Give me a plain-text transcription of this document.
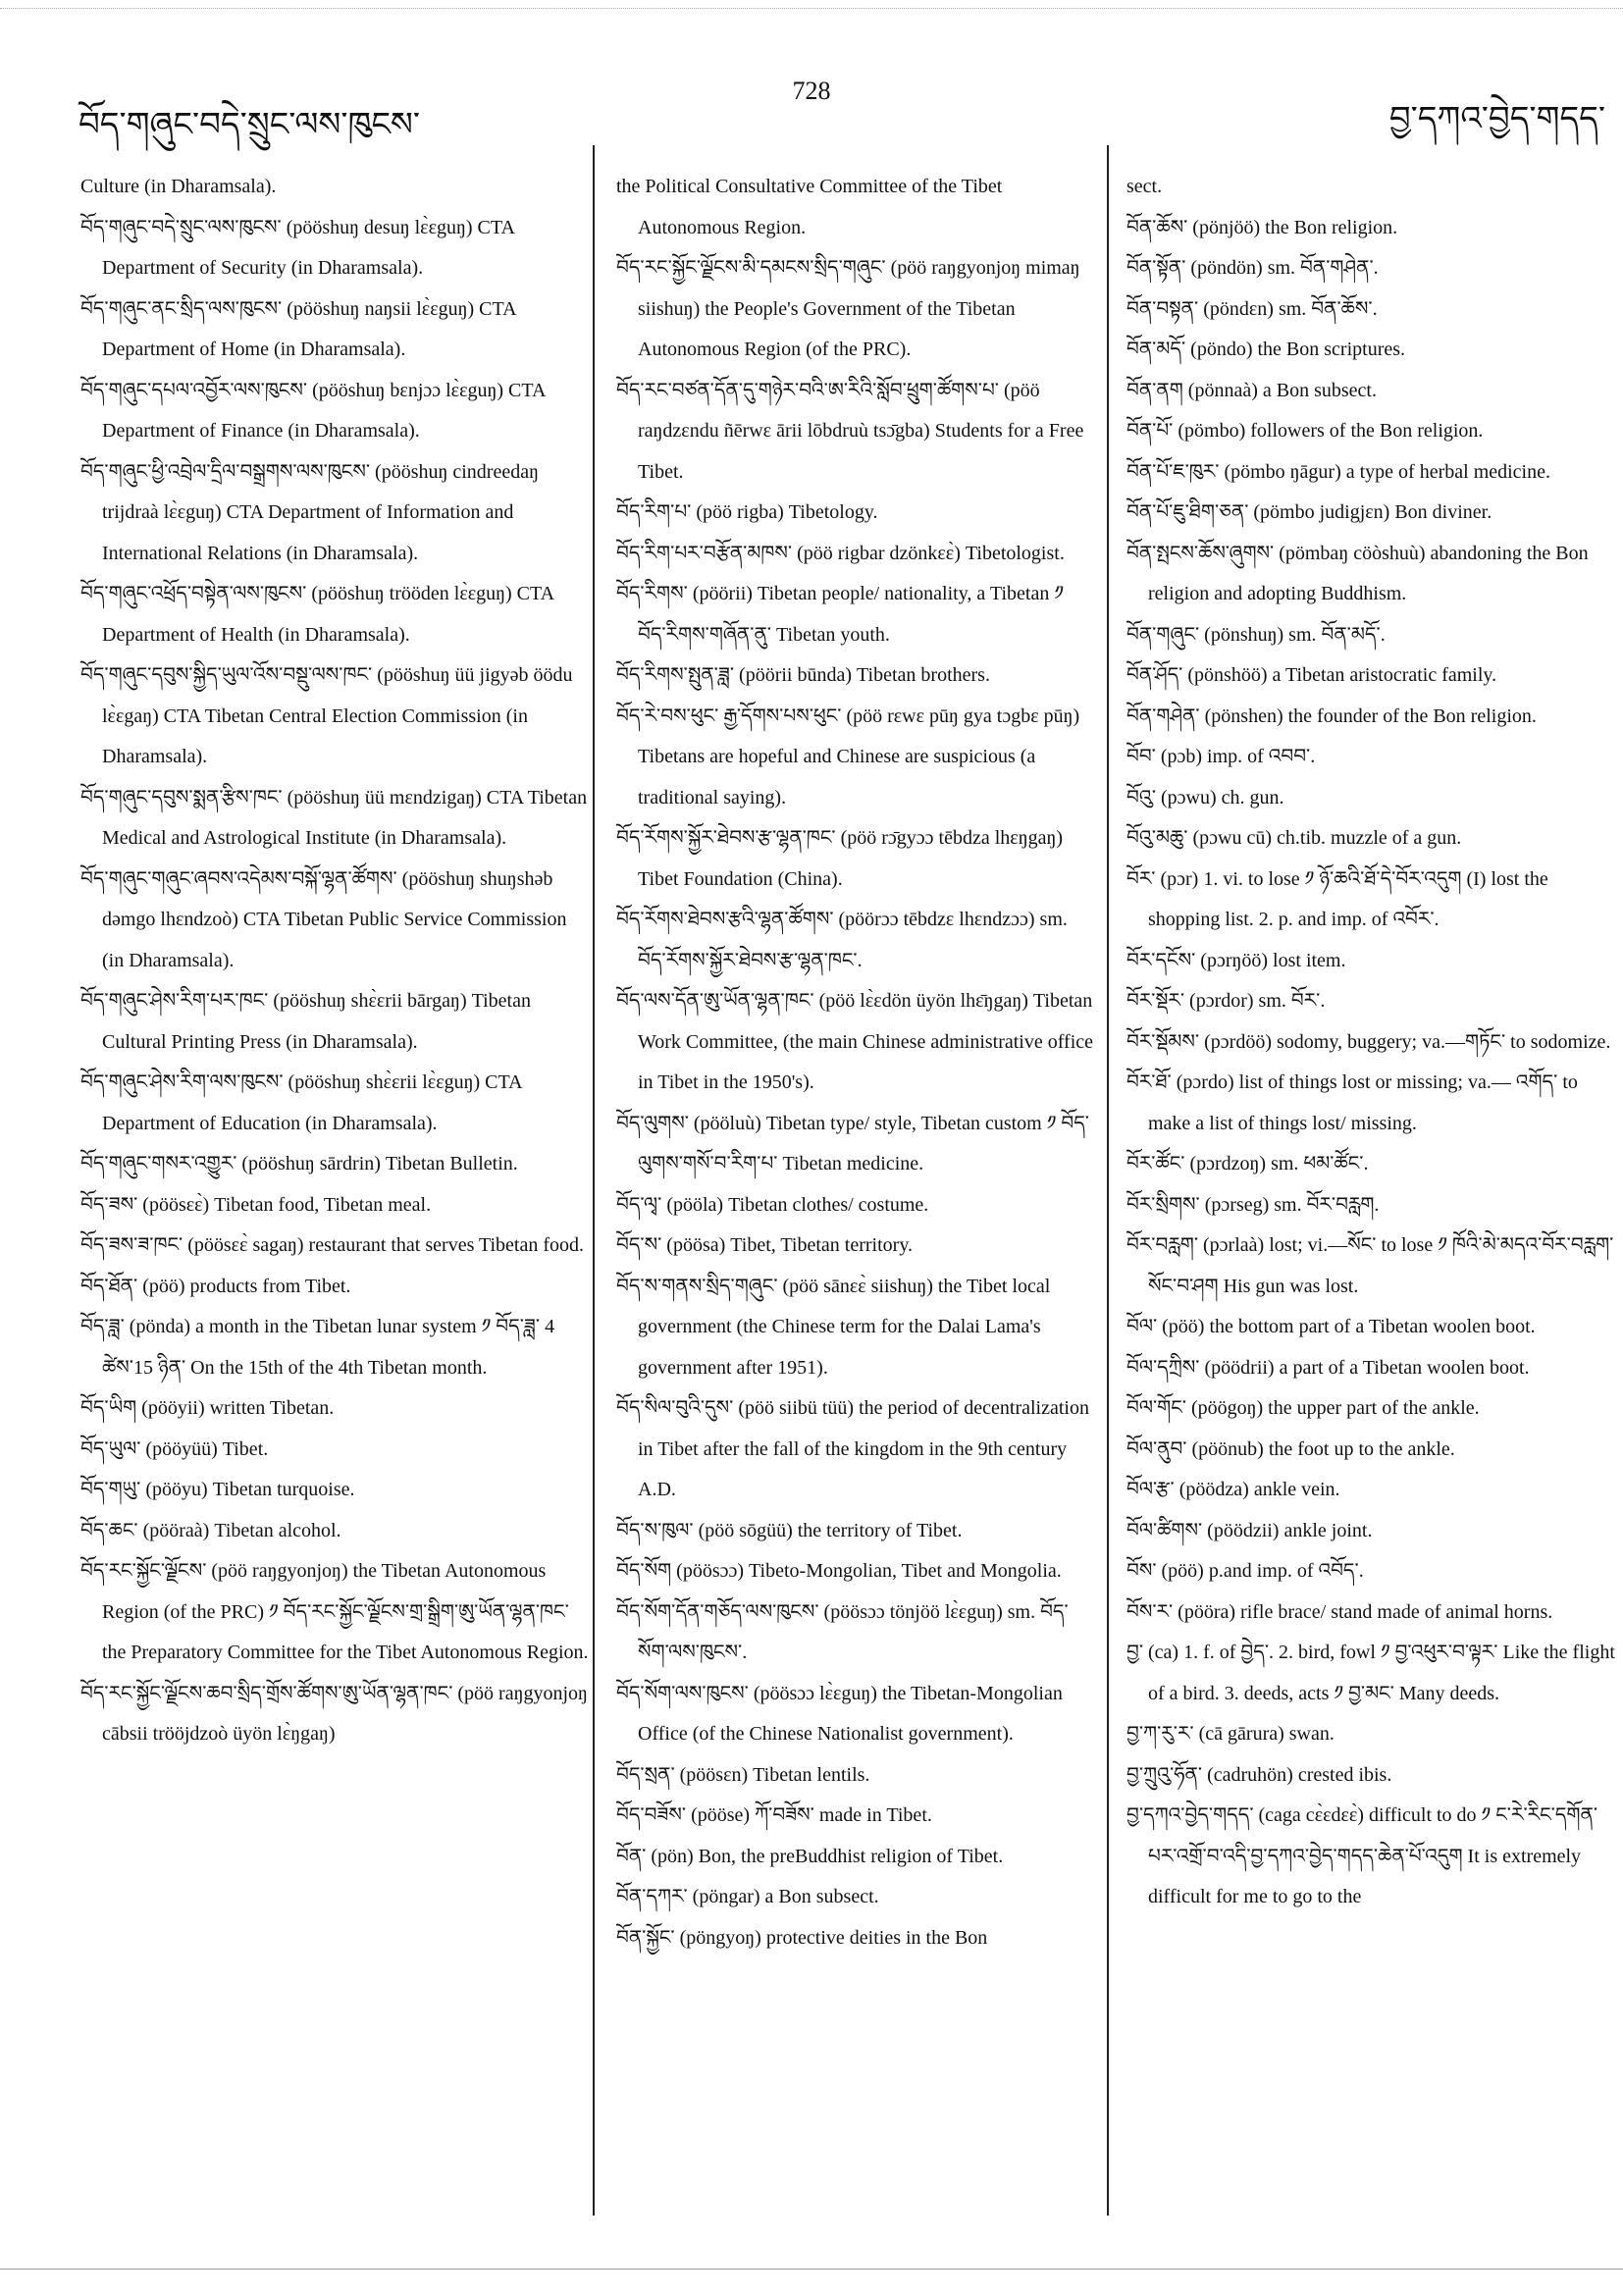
བོད་གཞུང་བདེ་སྲུང་ལས་ཁུངས་
728
བྱ་དཀའ་བྱེད་གདད་
Culture (in Dharamsala).
བོད་གཞུང་བདེ་སྲུང་ལས་ཁུངས་ (pööshuŋ desuŋ lɛ̀ɛguŋ) CTA Department of Security (in Dharamsala).
བོད་གཞུང་ནང་སྲིད་ལས་ཁུངས་ (pööshuŋ naŋsii lɛ̀ɛguŋ) CTA Department of Home (in Dharamsala).
བོད་གཞུང་དཔལ་འབྱོར་ལས་ཁུངས་ (pööshuŋ bɛnjɔɔ lɛ̀ɛguŋ) CTA Department of Finance (in Dharamsala).
བོད་གཞུང་ཕྱི་འབྲེལ་དྲིལ་བསྒྲགས་ལས་ཁུངས་ (pööshuŋ cindreedaŋ trijdraà lɛ̀ɛguŋ) CTA Department of Information and International Relations (in Dharamsala).
བོད་གཞུང་འཕྲོད་བསྟེན་ལས་ཁུངས་ (pööshuŋ trööden lɛ̀ɛguŋ) CTA Department of Health (in Dharamsala).
བོད་གཞུང་དབུས་སྐྱིད་ཡུལ་འོས་བསྡུ་ལས་ཁང་ (pööshuŋ üü jigyəb öödu lɛ̀ɛgaŋ) CTA Tibetan Central Election Commission (in Dharamsala).
བོད་གཞུང་དབུས་སྨན་རྩིས་ཁང་ (pööshuŋ üü mɛndzigaŋ) CTA Tibetan Medical and Astrological Institute (in Dharamsala).
བོད་གཞུང་གཞུང་ཞབས་འདེམས་བསྐོ་ལྷན་ཚོགས་ (pööshuŋ shuŋshəb dəmgo lhɛndzoò) CTA Tibetan Public Service Commission (in Dharamsala).
བོད་གཞུང་ཤེས་རིག་པར་ཁང་ (pööshuŋ shɛ̀ɛrii bārgaŋ) Tibetan Cultural Printing Press (in Dharamsala).
བོད་གཞུང་ཤེས་རིག་ལས་ཁུངས་ (pööshuŋ shɛ̀ɛrii lɛ̀ɛguŋ) CTA Department of Education (in Dharamsala).
བོད་གཞུང་གསར་འགྱུར་ (pööshuŋ sārdrin) Tibetan Bulletin.
བོད་ཟས་ (pöösɛɛ̀) Tibetan food, Tibetan meal.
བོད་ཟས་ཟ་ཁང་ (pöösɛɛ̀ sagaŋ) restaurant that serves Tibetan food.
བོད་ཐོན་ (pöö) products from Tibet.
བོད་ཟླ་ (pönda) a month in the Tibetan lunar system ༡ བོད་ཟླ་ 4 ཚེས་15 ཉིན་ On the 15th of the 4th Tibetan month.
བོད་ཡིག (pööyii) written Tibetan.
བོད་ཡུལ་ (pööyüü) Tibet.
བོད་གཡུ་ (pööyu) Tibetan turquoise.
བོད་ཆང་ (pööraà) Tibetan alcohol.
བོད་རང་སྐྱོང་ལྗོངས་ (pöö raŋgyonjoŋ) the Tibetan Autonomous Region (of the PRC) ༡ བོད་རང་སྐྱོང་ལྗོངས་གྲ་སྒྲིག་ཨུ་ཡོན་ལྷན་ཁང་ the Preparatory Committee for the Tibet Autonomous Region.
བོད་རང་སྐྱོང་ལྗོངས་ཆབ་སྲིད་གྲོས་ཚོགས་ཨུ་ཡོན་ལྷན་ཁང་ (pöö raŋgyonjoŋ cābsii trööjdzoò üyön lɛ̀ŋgaŋ)
the Political Consultative Committee of the Tibet Autonomous Region.
བོད་རང་སྐྱོང་ལྗོངས་མི་དམངས་སྲིད་གཞུང་ (pöö raŋgyonjoŋ mimaŋ siishuŋ) the People's Government of the Tibetan Autonomous Region (of the PRC).
བོད་རང་བཙན་དོན་དུ་གཉེར་བའི་ཨ་རིའི་སློབ་ཕྲུག་ཚོགས་པ་ (pöö raŋdzɛndu ñērwɛ ārii lōbdruù tsɔ̄gba) Students for a Free Tibet.
བོད་རིག་པ་ (pöö rigba) Tibetology.
བོད་རིག་པར་བརྩོན་མཁས་ (pöö rigbar dzönkɛɛ̀) Tibetologist.
བོད་རིགས་ (pöörii) Tibetan people/ nationality, a Tibetan ༡ བོད་རིགས་གཞོན་ནུ་ Tibetan youth.
བོད་རིགས་སྤུན་ཟླ་ (pöörii būnda) Tibetan brothers.
བོད་རེ་བས་ཕུང་ རྒྱ་དོགས་པས་ཕུང་ (pöö rɛwɛ pūŋ gya tɔgbɛ pūŋ) Tibetans are hopeful and Chinese are suspicious (a traditional saying).
བོད་རོགས་སྐྱོར་ཐེབས་རྩ་ལྷན་ཁང་ (pöö rɔ̄gyɔɔ tēbdza lhɛŋgaŋ) Tibet Foundation (China).
བོད་རོགས་ཐེབས་རྩའི་ལྷན་ཚོགས་ (pöörɔɔ tēbdzɛ lhɛndzɔɔ) sm. བོད་རོགས་སྐྱོར་ཐེབས་རྩ་ལྷན་ཁང་.
བོད་ལས་དོན་ཨུ་ཡོན་ལྷན་ཁང་ (pöö lɛ̀ɛdön üyön lhɛ̄ŋgaŋ) Tibetan Work Committee, (the main Chinese administrative office in Tibet in the 1950's).
བོད་ལུགས་ (pööluù) Tibetan type/ style, Tibetan custom ༡ བོད་ལུགས་གསོ་བ་རིག་པ་ Tibetan medicine.
བོད་ལྭ་ (pööla) Tibetan clothes/ costume.
བོད་ས་ (pöösa) Tibet, Tibetan territory.
བོད་ས་གནས་སྲིད་གཞུང་ (pöö sānɛɛ̀ siishuŋ) the Tibet local government (the Chinese term for the Dalai Lama's government after 1951).
བོད་སིལ་བུའི་དུས་ (pöö siibü tüü) the period of decentralization in Tibet after the fall of the kingdom in the 9th century A.D.
བོད་ས་ཁུལ་ (pöö sōgüü) the territory of Tibet.
བོད་སོག (pöösɔɔ) Tibeto-Mongolian, Tibet and Mongolia.
བོད་སོག་དོན་གཅོད་ལས་ཁུངས་ (pöösɔɔ tönjöö lɛ̀ɛguŋ) sm. བོད་སོག་ལས་ཁུངས་.
བོད་སོག་ལས་ཁུངས་ (pöösɔɔ lɛ̀ɛguŋ) the Tibetan-Mongolian Office (of the Chinese Nationalist government).
བོད་སྲན་ (pöösɛn) Tibetan lentils.
བོད་བཟོས་ (pööse) ཀོ་བཟོས་ made in Tibet.
བོན་ (pön) Bon, the preBuddhist religion of Tibet.
བོན་དཀར་ (pöngar) a Bon subsect.
བོན་སྐྱོང་ (pöngyoŋ) protective deities in the Bon
sect.
བོན་ཆོས་ (pönjöö) the Bon religion.
བོན་སྟོན་ (pöndön) sm. བོན་གཤེན་.
བོན་བསྟན་ (pöndɛn) sm. བོན་ཆོས་.
བོན་མདོ་ (pöndo) the Bon scriptures.
བོན་ནག (pönnaà) a Bon subsect.
བོན་པོ་ (pömbo) followers of the Bon religion.
བོན་པོ་ཇ་ཁུར་ (pömbo ŋāgur) a type of herbal medicine.
བོན་པོ་ཇུ་ཐིག་ཅན་ (pömbo judigjɛn) Bon diviner.
བོན་སྤངས་ཆོས་ཞུགས་ (pömbaŋ cöòshuù) abandoning the Bon religion and adopting Buddhism.
བོན་གཞུང་ (pönshuŋ) sm. བོན་མདོ་.
བོན་ཤོད་ (pönshöö) a Tibetan aristocratic family.
བོན་གཤེན་ (pönshen) the founder of the Bon religion.
བོབ་ (pɔb) imp. of འབབ་.
བོའུ་ (pɔwu) ch. gun.
བོའུ་མཆུ་ (pɔwu cū) ch.tib. muzzle of a gun.
བོར་ (pɔr) 1. vi. to lose ༡ ཉོ་ཆའི་ཐོ་དེ་བོར་འདུག (I) lost the shopping list. 2. p. and imp. of འབོར་.
བོར་དངོས་ (pɔrŋöö) lost item.
བོར་སྡོར་ (pɔrdor) sm. བོར་.
བོར་སྡོམས་ (pɔrdöö) sodomy, buggery; va.—གཏོང་ to sodomize.
བོར་ཐོ་ (pɔrdo) list of things lost or missing; va.— འགོད་ to make a list of things lost/ missing.
བོར་ཚོང་ (pɔrdzoŋ) sm. ཕམ་ཚོང་.
བོར་སྲིགས་ (pɔrseg) sm. བོར་བརླག.
བོར་བརླག་ (pɔrlaà) lost; vi.—སོང་ to lose ༡ ཁོའི་མེ་མདའ་བོར་བརླག་སོང་བ་ཤག His gun was lost.
བོལ་ (pöö) the bottom part of a Tibetan woolen boot.
བོལ་དཀྲིས་ (pöödrii) a part of a Tibetan woolen boot.
བོལ་གོང་ (pöögoŋ) the upper part of the ankle.
བོལ་ནུབ་ (pöönub) the foot up to the ankle.
བོལ་རྩ་ (pöödza) ankle vein.
བོལ་ཚིགས་ (pöödzii) ankle joint.
བོས་ (pöö) p.and imp. of འབོད་.
བོས་ར་ (pööra) rifle brace/ stand made of animal horns.
བྱ་ (ca) 1. f. of བྱེད་. 2. bird, fowl ༡ བྱ་འཕུར་བ་ལྟར་ Like the flight of a bird. 3. deeds, acts ༡ བྱ་མང་ Many deeds.
བྱ་ཀ་རུ་ར་ (cā gārura) swan.
བྱ་ཀྲུའུ་ཧོན་ (cadruhön) crested ibis.
བྱ་དཀའ་བྱེད་གདད་ (caga cɛ̀ɛdɛɛ̀) difficult to do ༡ ང་རེ་རིང་དགོན་པར་འགྲོ་བ་འདི་བྱ་དཀའ་བྱེད་གདད་ཆེན་པོ་འདུག It is extremely difficult for me to go to the
